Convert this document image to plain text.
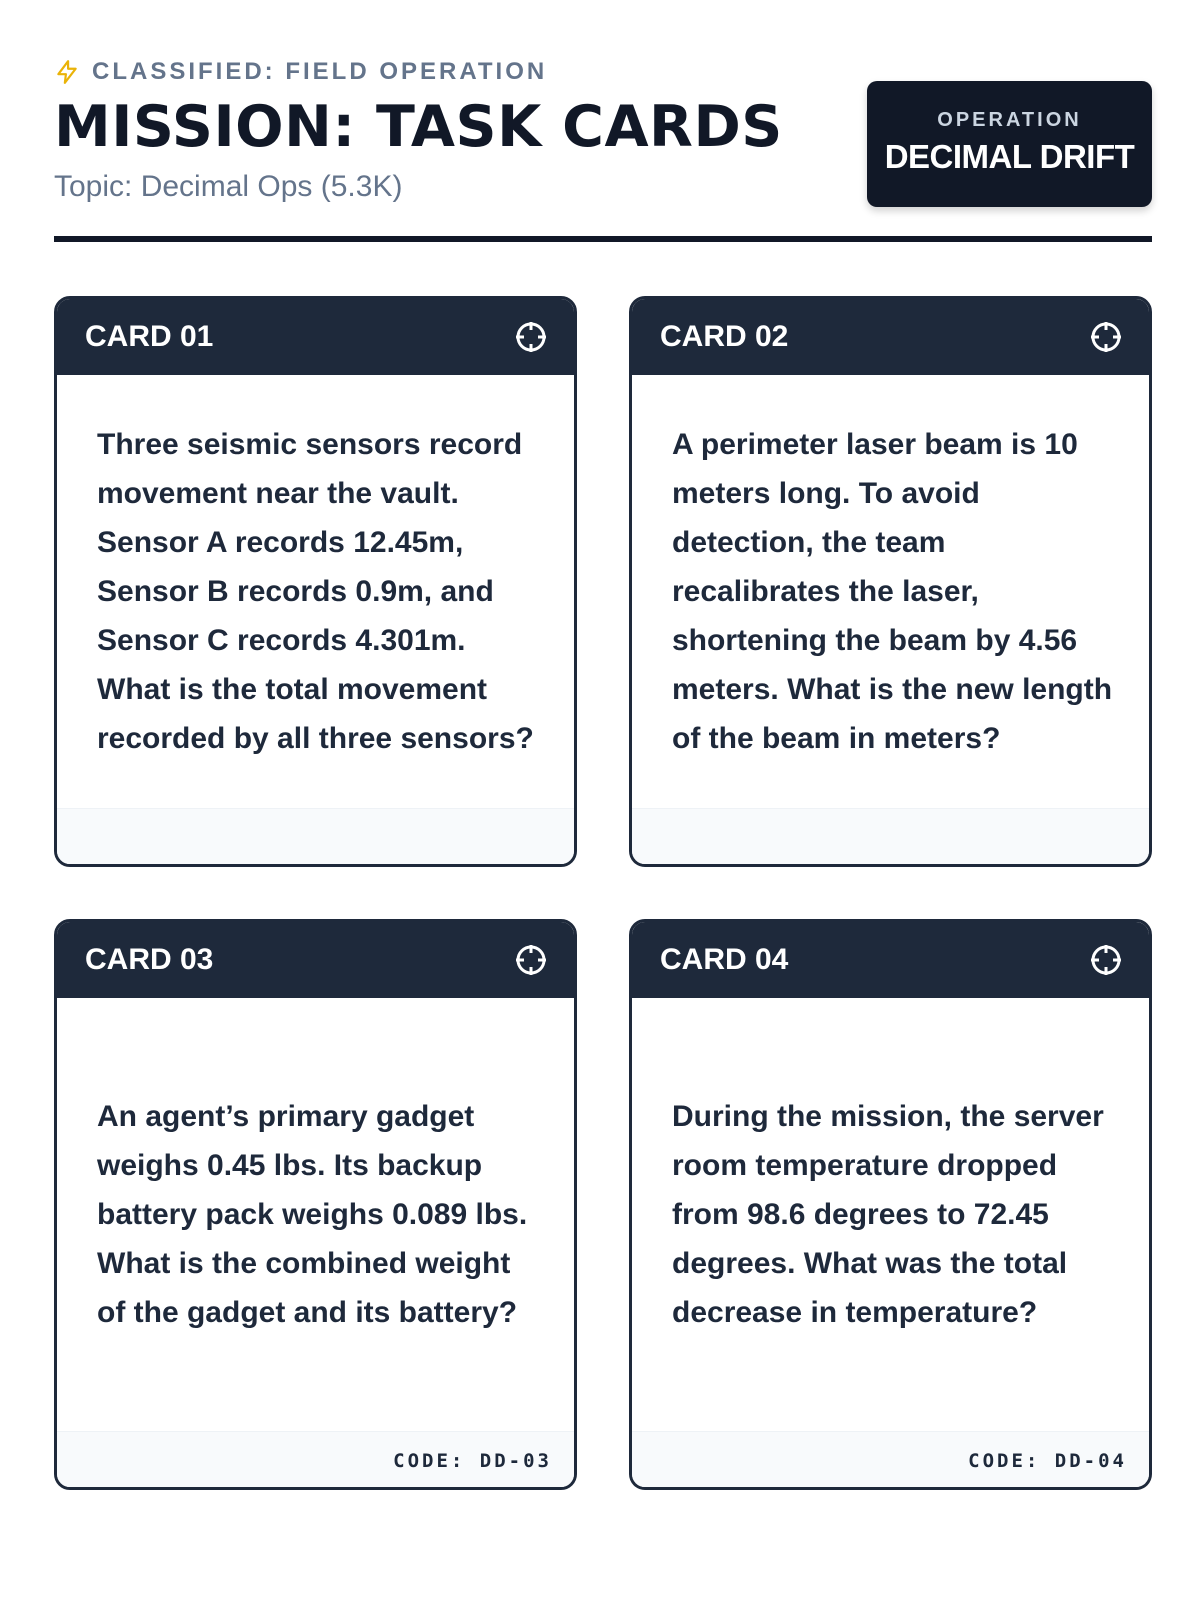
CLASSIFIED: FIELD OPERATION
MISSION: TASK CARDS
Topic: Decimal Ops (5.3K)
OPERATION
DECIMAL DRIFT
CARD 01

Three seismic sensors record movement near the vault. Sensor A records 12.45m, Sensor B records 0.9m, and Sensor C records 4.301m. What is the total movement recorded by all three sensors?

CARD 02

A perimeter laser beam is 10 meters long. To avoid detection, the team recalibrates the laser, shortening the beam by 4.56 meters. What is the new length of the beam in meters?

CARD 03

An agent’s primary gadget weighs 0.45 lbs. Its backup battery pack weighs 0.089 lbs. What is the combined weight of the gadget and its battery?

CODE: DD-03
CARD 04

During the mission, the server room temperature dropped from 98.6 degrees to 72.45 degrees. What was the total decrease in temperature?

CODE: DD-04
